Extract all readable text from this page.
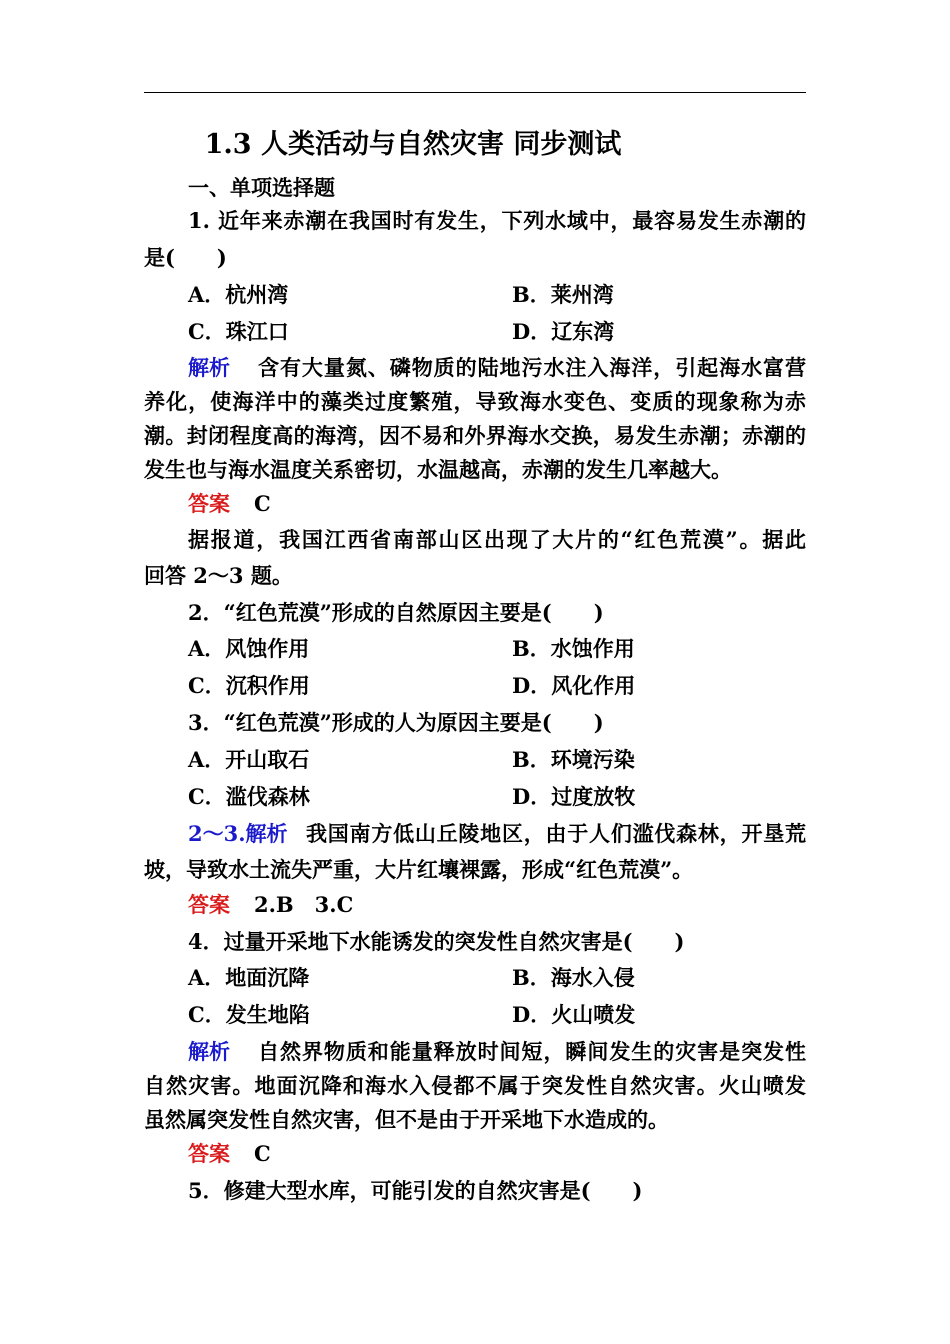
1.3 人类活动与自然灾害 同步测试
一、单项选择题
1. 近年来赤潮在我国时有发生，下列水域中，最容易发生赤潮的
是(　　)
A．杭州湾	B．莱州湾
C．珠江口	D．辽东湾
解析 含有大量氮、磷物质的陆地污水注入海洋，引起海水富营
养化，使海洋中的藻类过度繁殖，导致海水变色、变质的现象称为赤
潮。封闭程度高的海湾，因不易和外界海水交换，易发生赤潮；赤潮的
发生也与海水温度关系密切，水温越高，赤潮的发生几率越大。
答案 C
据报道，我国江西省南部山区出现了大片的“红色荒漠”。据此
回答 2～3 题。
2．“红色荒漠”形成的自然原因主要是(　　)
A．风蚀作用	B．水蚀作用
C．沉积作用	D．风化作用
3．“红色荒漠”形成的人为原因主要是(　　)
A．开山取石	B．环境污染
C．滥伐森林	D．过度放牧
2～3.解析 我国南方低山丘陵地区，由于人们滥伐森林，开垦荒
坡，导致水土流失严重，大片红壤裸露，形成“红色荒漠”。
答案 2.B　3.C
4．过量开采地下水能诱发的突发性自然灾害是(　　)
A．地面沉降	B．海水入侵
C．发生地陷	D．火山喷发
解析 自然界物质和能量释放时间短，瞬间发生的灾害是突发性
自然灾害。地面沉降和海水入侵都不属于突发性自然灾害。火山喷发
虽然属突发性自然灾害，但不是由于开采地下水造成的。
答案 C
5．修建大型水库，可能引发的自然灾害是(　　)
